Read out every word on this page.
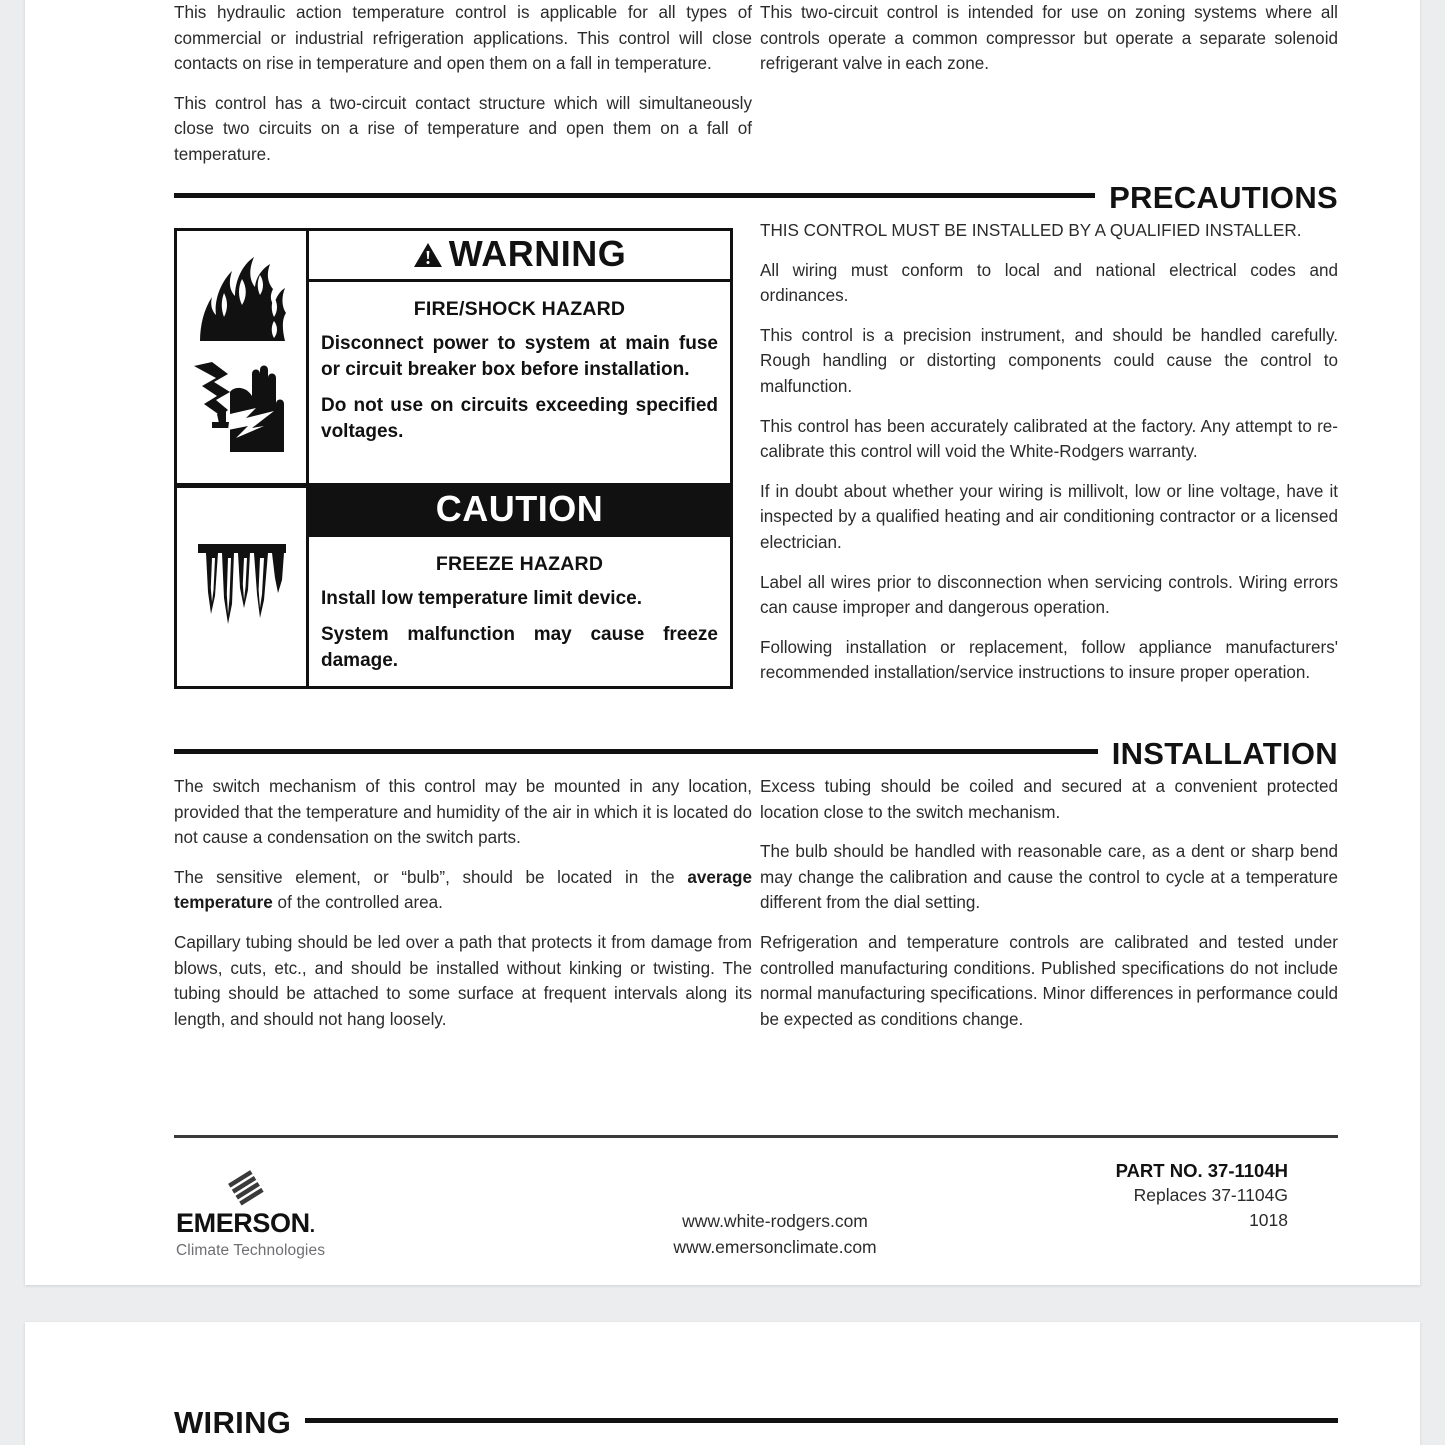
This hydraulic action temperature control is applicable for all types of commercial or industrial refrigeration applications. This control will close contacts on rise in temperature and open them on a fall in temperature.

This control has a two-circuit contact structure which will simultaneously close two circuits on a rise of temperature and open them on a fall of temperature.

This two-circuit control is intended for use on zoning systems where all controls operate a common compressor but operate a separate solenoid refrigerant valve in each zone.

PRECAUTIONS
WARNING
FIRE/SHOCK HAZARD

Disconnect power to system at main fuse or circuit breaker box before installation.

Do not use on circuits exceeding specified voltages.

CAUTION
FREEZE HAZARD

Install low temperature limit device.

System malfunction may cause freeze damage.

THIS CONTROL MUST BE INSTALLED BY A QUALIFIED INSTALLER.

All wiring must conform to local and national electrical codes and ordinances.

This control is a precision instrument, and should be handled carefully. Rough handling or distorting components could cause the control to malfunction.

This control has been accurately calibrated at the factory. Any attempt to re-calibrate this control will void the White-Rodgers warranty.

If in doubt about whether your wiring is millivolt, low or line voltage, have it inspected by a qualified heating and air conditioning contractor or a licensed electrician.

Label all wires prior to disconnection when servicing controls. Wiring errors can cause improper and dangerous operation.

Following installation or replacement, follow appliance manufacturers' recommended installation/service instructions to insure proper operation.

INSTALLATION

The switch mechanism of this control may be mounted in any location, provided that the temperature and humidity of the air in which it is located do not cause a condensation on the switch parts.

The sensitive element, or “bulb”, should be located in the average temperature of the controlled area.

Capillary tubing should be led over a path that protects it from damage from blows, cuts, etc., and should be installed without kinking or twisting. The tubing should be attached to some surface at frequent intervals along its length, and should not hang loosely.

Excess tubing should be coiled and secured at a convenient protected location close to the switch mechanism.

The bulb should be handled with reasonable care, as a dent or sharp bend may change the calibration and cause the control to cycle at a temperature different from the dial setting.

Refrigeration and temperature controls are calibrated and tested under controlled manufacturing conditions. Published specifications do not include normal manufacturing specifications. Minor differences in performance could be expected as conditions change.

EMERSON.
Climate Technologies
www.white-rodgers.com
www.emersonclimate.com
PART NO. 37-1104H
Replaces 37-1104G
1018
WIRING
